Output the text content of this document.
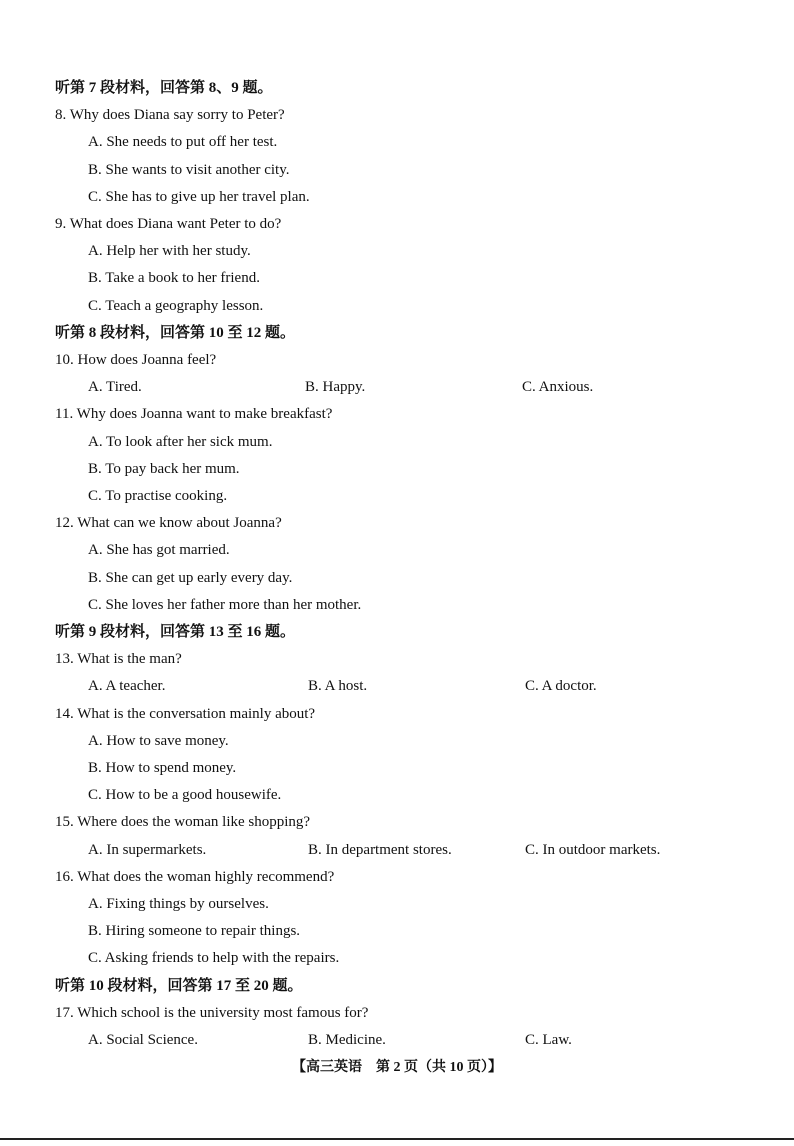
听第 7 段材料，回答第 8、9 题。
8. Why does Diana say sorry to Peter?
A. She needs to put off her test.
B. She wants to visit another city.
C. She has to give up her travel plan.
9. What does Diana want Peter to do?
A. Help her with her study.
B. Take a book to her friend.
C. Teach a geography lesson.
听第 8 段材料，回答第 10 至 12 题。
10. How does Joanna feel?
A. Tired.	B. Happy.	C. Anxious.
11. Why does Joanna want to make breakfast?
A. To look after her sick mum.
B. To pay back her mum.
C. To practise cooking.
12. What can we know about Joanna?
A. She has got married.
B. She can get up early every day.
C. She loves her father more than her mother.
听第 9 段材料，回答第 13 至 16 题。
13. What is the man?
A. A teacher.	B. A host.	C. A doctor.
14. What is the conversation mainly about?
A. How to save money.
B. How to spend money.
C. How to be a good housewife.
15. Where does the woman like shopping?
A. In supermarkets.	B. In department stores.	C. In outdoor markets.
16. What does the woman highly recommend?
A. Fixing things by ourselves.
B. Hiring someone to repair things.
C. Asking friends to help with the repairs.
听第 10 段材料，回答第 17 至 20 题。
17. Which school is the university most famous for?
A. Social Science.	B. Medicine.	C. Law.
【高三英语　第 2 页（共 10 页）】
